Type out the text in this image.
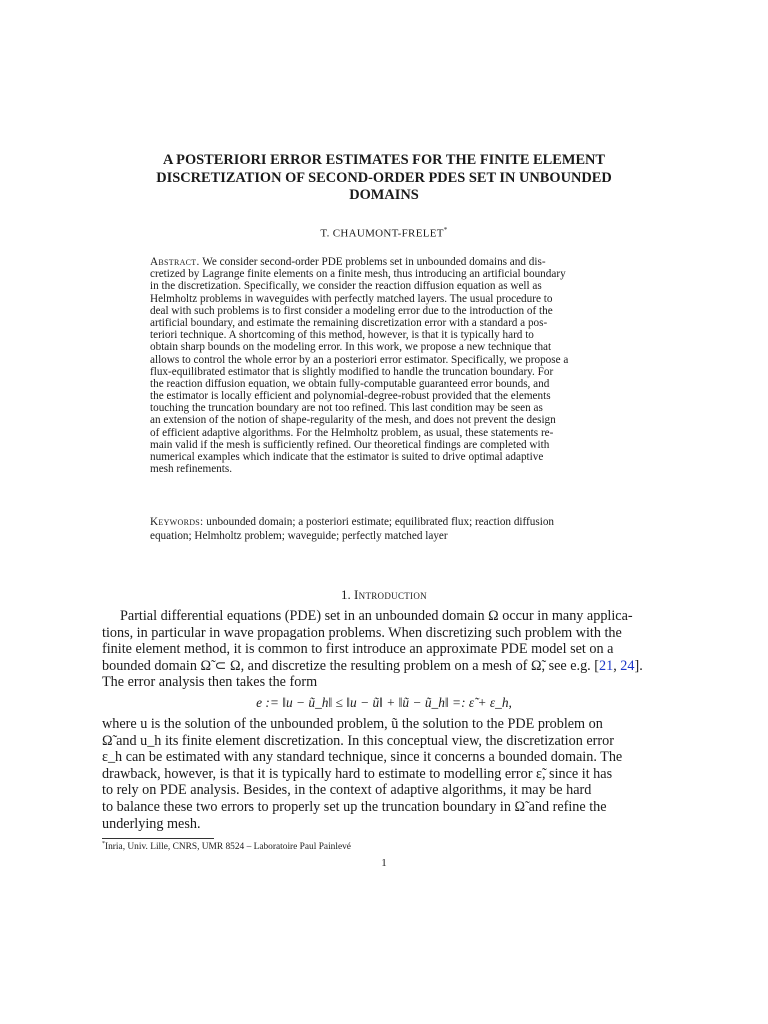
A POSTERIORI ERROR ESTIMATES FOR THE FINITE ELEMENT
DISCRETIZATION OF SECOND-ORDER PDES SET IN UNBOUNDED
DOMAINS
T. CHAUMONT-FRELET*
Abstract. We consider second-order PDE problems set in unbounded domains and dis-
cretized by Lagrange finite elements on a finite mesh, thus introducing an artificial boundary
in the discretization. Specifically, we consider the reaction diffusion equation as well as
Helmholtz problems in waveguides with perfectly matched layers. The usual procedure to
deal with such problems is to first consider a modeling error due to the introduction of the
artificial boundary, and estimate the remaining discretization error with a standard a pos-
teriori technique. A shortcoming of this method, however, is that it is typically hard to
obtain sharp bounds on the modeling error. In this work, we propose a new technique that
allows to control the whole error by an a posteriori error estimator. Specifically, we propose a
flux-equilibrated estimator that is slightly modified to handle the truncation boundary. For
the reaction diffusion equation, we obtain fully-computable guaranteed error bounds, and
the estimator is locally efficient and polynomial-degree-robust provided that the elements
touching the truncation boundary are not too refined. This last condition may be seen as
an extension of the notion of shape-regularity of the mesh, and does not prevent the design
of efficient adaptive algorithms. For the Helmholtz problem, as usual, these statements re-
main valid if the mesh is sufficiently refined. Our theoretical findings are completed with
numerical examples which indicate that the estimator is suited to drive optimal adaptive
mesh refinements.
Keywords: unbounded domain; a posteriori estimate; equilibrated flux; reaction diffusion
equation; Helmholtz problem; waveguide; perfectly matched layer
1. Introduction
Partial differential equations (PDE) set in an unbounded domain Ω occur in many applica-
tions, in particular in wave propagation problems. When discretizing such problem with the
finite element method, it is common to first introduce an approximate PDE model set on a
bounded domain Ω̃ ⊂ Ω, and discretize the resulting problem on a mesh of Ω̃, see e.g. [21, 24].
The error analysis then takes the form
e := ‖u − ũ_h‖ ≤ ‖u − ũ‖ + ‖ũ − ũ_h‖ =: ε̃ + ε_h,
where u is the solution of the unbounded problem, ũ the solution to the PDE problem on
Ω̃ and u_h its finite element discretization. In this conceptual view, the discretization error
ε_h can be estimated with any standard technique, since it concerns a bounded domain. The
drawback, however, is that it is typically hard to estimate to modelling error ε̃, since it has
to rely on PDE analysis. Besides, in the context of adaptive algorithms, it may be hard
to balance these two errors to properly set up the truncation boundary in Ω̃ and refine the
underlying mesh.
*Inria, Univ. Lille, CNRS, UMR 8524 – Laboratoire Paul Painlevé
1
